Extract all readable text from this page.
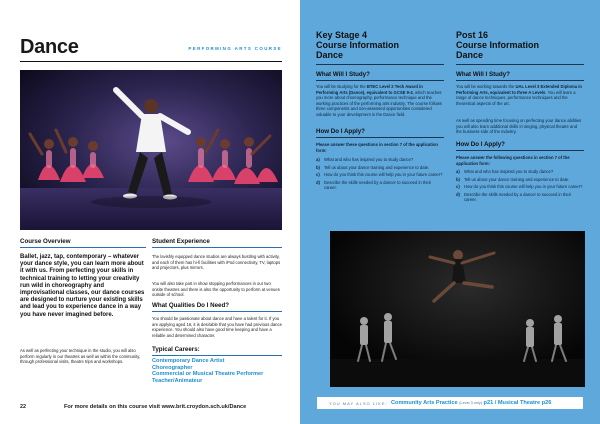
Dance	PERFORMING ARTS COURSE
Course Overview
Ballet, jazz, tap, contemporary – whatever your dance style, you can learn more about it with us. From perfecting your skills in technical training to letting your creativity run wild in choreography and improvisational classes, our dance courses are designed to nurture your existing skills and lead you to experience dance in a way you have never imagined before.
As well as perfecting your technique in the studio, you will also perform regularly in our theatres as well as within the community, through professional visits, theatre trips and workshops.
Student Experience
The lavishly equipped dance studios are always bustling with activity, and each of them has hi-fi facilities with iPod connectivity, TV, laptops and projectors, plus mirrors.
You will also take part in show stopping performances in our two onsite theatres and there is also the opportunity to perform at venues outside of school.
What Qualities Do I Need?
You should be passionate about dance and have a talent for it. If you are applying aged 16, it is desirable that you have had previous dance experience. You should also have good time keeping and have a reliable and determined character.
Typical Careers:
Contemporary Dance Artist
Choreographer
Commercial or Musical Theatre Performer
Teacher/Animateur
22	For more details on this course visit www.brit.croydon.sch.uk/Dance
Key Stage 4
Course Information
Dance
What Will I Study?
You will be studying for the BTEC Level 2 Tech Award in Performing Arts (Dance), equivalent to GCSE 9-4, which teaches you more about choreography, performance technique and the working practices of the performing arts industry. The course follows three components and non-assessed opportunities considered valuable to your development in the Dance field.
How Do I Apply?
Please answer these questions in section 7 of the application form:
a)	What and who has inspired you to study dance?
b) Tell us about your dance training and experience to date.
c)	How do you think this course will help you in your future career?
d) Describe the skills needed by a dancer to succeed in their career.
Post 16
Course Information
Dance
What Will I Study?
You will be working towards the UAL Level 3 Extended Diploma in Performing Arts, equivalent to three A Levels. You will learn a range of dance techniques, performance techniques and the theoretical aspects of the art.
As well as spending time focusing on perfecting your dance abilities you will also learn additional skills in singing, physical theatre and the business side of the industry.
How Do I Apply?
Please answer the following questions in section 7 of the application form:
a)	What and who has inspired you to study dance?
b) Tell us about your dance training and experience to date.
c)	How do you think this course will help you in your future career?
d) Describe the skills needed by a dancer to succeed in their career.
YOU MAY ALSO LIKE: Community Arts Practice (Level 3 only) p21 / Musical Theatre p26
